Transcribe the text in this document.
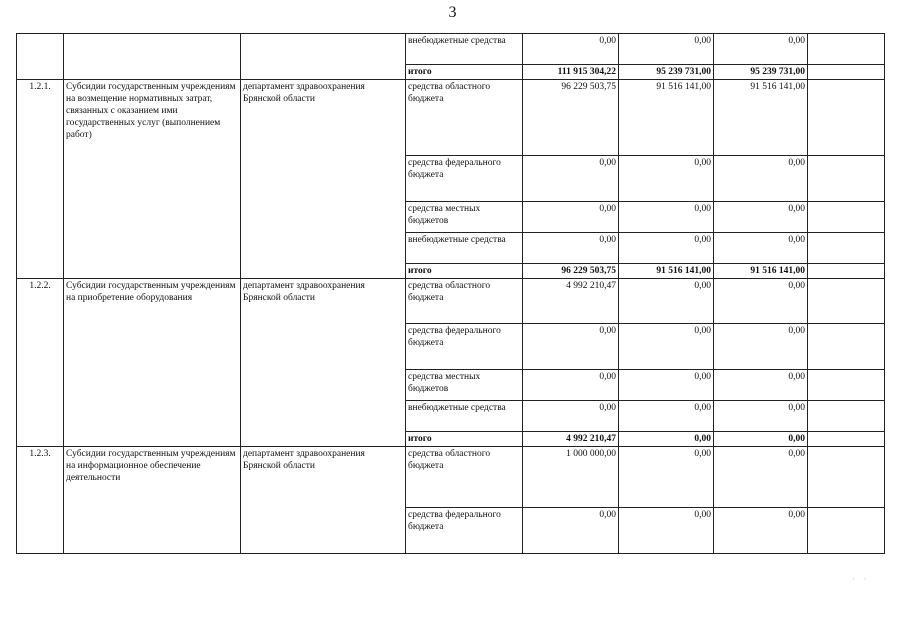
3
			внебюджетные средства	0,00	0,00	0,00	
			итого	111 915 304,22	95 239 731,00	95 239 731,00	
1.2.1.	Субсидии государственным учреждениям на возмещение нормативных затрат, связанных с оказанием ими государственных услуг (выполнением работ)	департамент здравоохранения Брянской области	средства областного бюджета	96 229 503,75	91 516 141,00	91 516 141,00	
			средства федерального бюджета	0,00	0,00	0,00	
			средства местных бюджетов	0,00	0,00	0,00	
			внебюджетные средства	0,00	0,00	0,00	
			итого	96 229 503,75	91 516 141,00	91 516 141,00	
1.2.2.	Субсидии государственным учреждениям на приобретение оборудования	департамент здравоохранения Брянской области	средства областного бюджета	4 992 210,47	0,00	0,00	
			средства федерального бюджета	0,00	0,00	0,00	
			средства местных бюджетов	0,00	0,00	0,00	
			внебюджетные средства	0,00	0,00	0,00	
			итого	4 992 210,47	0,00	0,00	
1.2.3.	Субсидии государственным учреждениям на информационное обеспечение деятельности	департамент здравоохранения Брянской области	средства областного бюджета	1 000 000,00	0,00	0,00	
			средства федерального бюджета	0,00	0,00	0,00	
⋅ ⋅
